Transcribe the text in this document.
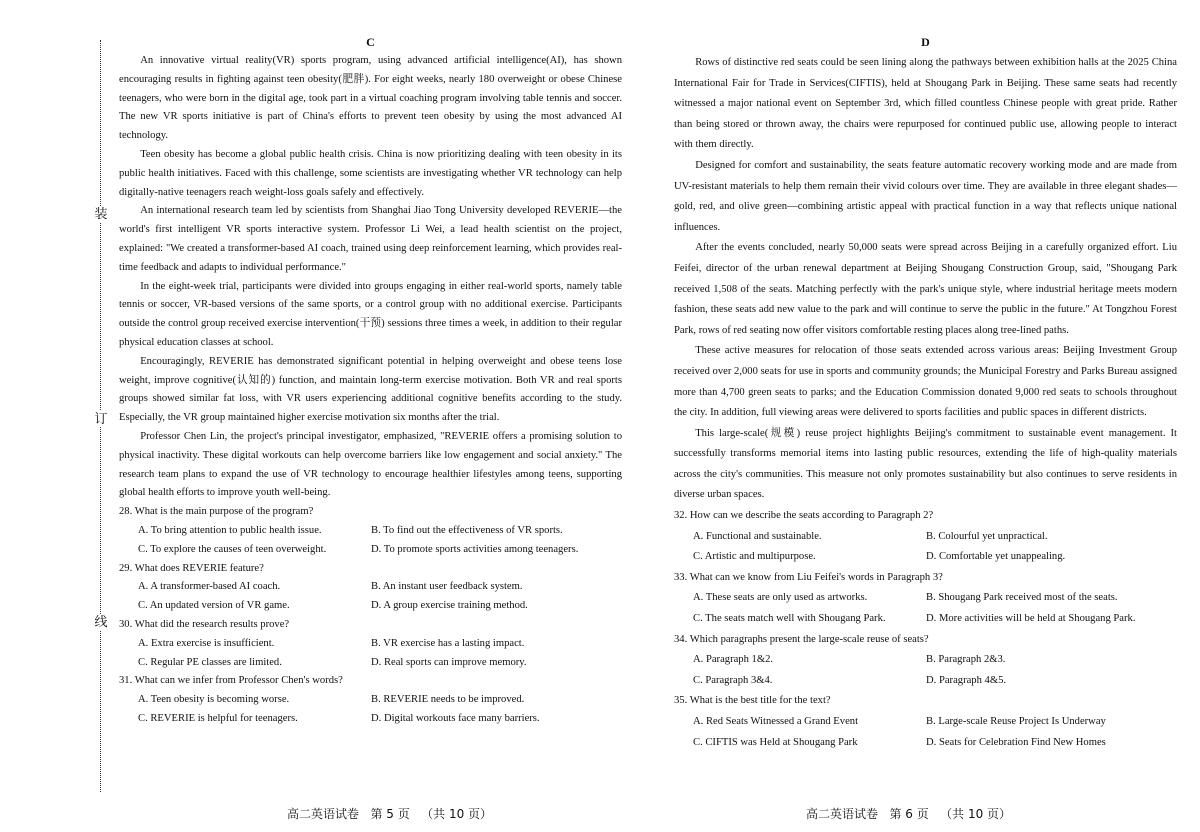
装
订
线
C

An innovative virtual reality(VR) sports program, using advanced artificial intelligence(AI), has shown encouraging results in fighting against teen obesity(肥胖). For eight weeks, nearly 180 overweight or obese Chinese teenagers, who were born in the digital age, took part in a virtual coaching program involving table tennis and soccer. The new VR sports initiative is part of China's efforts to prevent teen obesity by using the most advanced AI technology.

Teen obesity has become a global public health crisis. China is now prioritizing dealing with teen obesity in its public health initiatives. Faced with this challenge, some scientists are investigating whether VR technology can help digitally-native teenagers reach weight-loss goals safely and effectively.

An international research team led by scientists from Shanghai Jiao Tong University developed REVERIE—the world's first intelligent VR sports interactive system. Professor Li Wei, a lead health scientist on the project, explained: "We created a transformer-based AI coach, trained using deep reinforcement learning, which provides real-time feedback and adapts to individual performance."

In the eight-week trial, participants were divided into groups engaging in either real-world sports, namely table tennis or soccer, VR-based versions of the same sports, or a control group with no additional exercise. Participants outside the control group received exercise intervention(干预) sessions three times a week, in addition to their regular physical education classes at school.

Encouragingly, REVERIE has demonstrated significant potential in helping overweight and obese teens lose weight, improve cognitive(认知的) function, and maintain long-term exercise motivation. Both VR and real sports groups showed similar fat loss, with VR users experiencing additional cognitive benefits according to the study. Especially, the VR group maintained higher exercise motivation six months after the trial.

Professor Chen Lin, the project's principal investigator, emphasized, "REVERIE offers a promising solution to physical inactivity. These digital workouts can help overcome barriers like low engagement and social anxiety." The research team plans to expand the use of VR technology to encourage healthier lifestyles among teens, supporting global health efforts to improve youth well-being.

28. What is the main purpose of the program?
A. To bring attention to public health issue.	B. To find out the effectiveness of VR sports.
C. To explore the causes of teen overweight.	D. To promote sports activities among teenagers.
29. What does REVERIE feature?
A. A transformer-based AI coach.	B. An instant user feedback system.
C. An updated version of VR game.	D. A group exercise training method.
30. What did the research results prove?
A. Extra exercise is insufficient.	B. VR exercise has a lasting impact.
C. Regular PE classes are limited.	D. Real sports can improve memory.
31. What can we infer from Professor Chen's words?
A. Teen obesity is becoming worse.	B. REVERIE needs to be improved.
C. REVERIE is helpful for teenagers.	D. Digital workouts face many barriers.
D

Rows of distinctive red seats could be seen lining along the pathways between exhibition halls at the 2025 China International Fair for Trade in Services(CIFTIS), held at Shougang Park in Beijing. These same seats had recently witnessed a major national event on September 3rd, which filled countless Chinese people with great pride. Rather than being stored or thrown away, the chairs were repurposed for continued public use, allowing people to interact with them directly.

Designed for comfort and sustainability, the seats feature automatic recovery working mode and are made from UV-resistant materials to help them remain their vivid colours over time. They are available in three elegant shades—gold, red, and olive green—combining artistic appeal with practical function in a way that reflects unique national influences.

After the events concluded, nearly 50,000 seats were spread across Beijing in a carefully organized effort. Liu Feifei, director of the urban renewal department at Beijing Shougang Construction Group, said, "Shougang Park received 1,508 of the seats. Matching perfectly with the park's unique style, where industrial heritage meets modern fashion, these seats add new value to the park and will continue to serve the public in the future." At Tongzhou Forest Park, rows of red seating now offer visitors comfortable resting places along tree-lined paths.

These active measures for relocation of those seats extended across various areas: Beijing Investment Group received over 2,000 seats for use in sports and community grounds; the Municipal Forestry and Parks Bureau assigned more than 4,700 green seats to parks; and the Education Commission donated 9,000 red seats to schools throughout the city. In addition, full viewing areas were delivered to sports facilities and public spaces in different districts.

This large-scale(规模) reuse project highlights Beijing's commitment to sustainable event management. It successfully transforms memorial items into lasting public resources, extending the life of high-quality materials across the city's communities. This measure not only promotes sustainability but also continues to serve residents in diverse urban spaces.

32. How can we describe the seats according to Paragraph 2?
A. Functional and sustainable.	B. Colourful yet unpractical.
C. Artistic and multipurpose.	D. Comfortable yet unappealing.
33. What can we know from Liu Feifei's words in Paragraph 3?
A. These seats are only used as artworks.	B. Shougang Park received most of the seats.
C. The seats match well with Shougang Park.	D. More activities will be held at Shougang Park.
34. Which paragraphs present the large-scale reuse of seats?
A. Paragraph 1&2.	B. Paragraph 2&3.
C. Paragraph 3&4.	D. Paragraph 4&5.
35. What is the best title for the text?
A. Red Seats Witnessed a Grand Event	B. Large-scale Reuse Project Is Underway
C. CIFTIS was Held at Shougang Park	D. Seats for Celebration Find New Homes
高二英语试卷   第 5 页   （共 10 页）	高二英语试卷   第 6 页   （共 10 页）
